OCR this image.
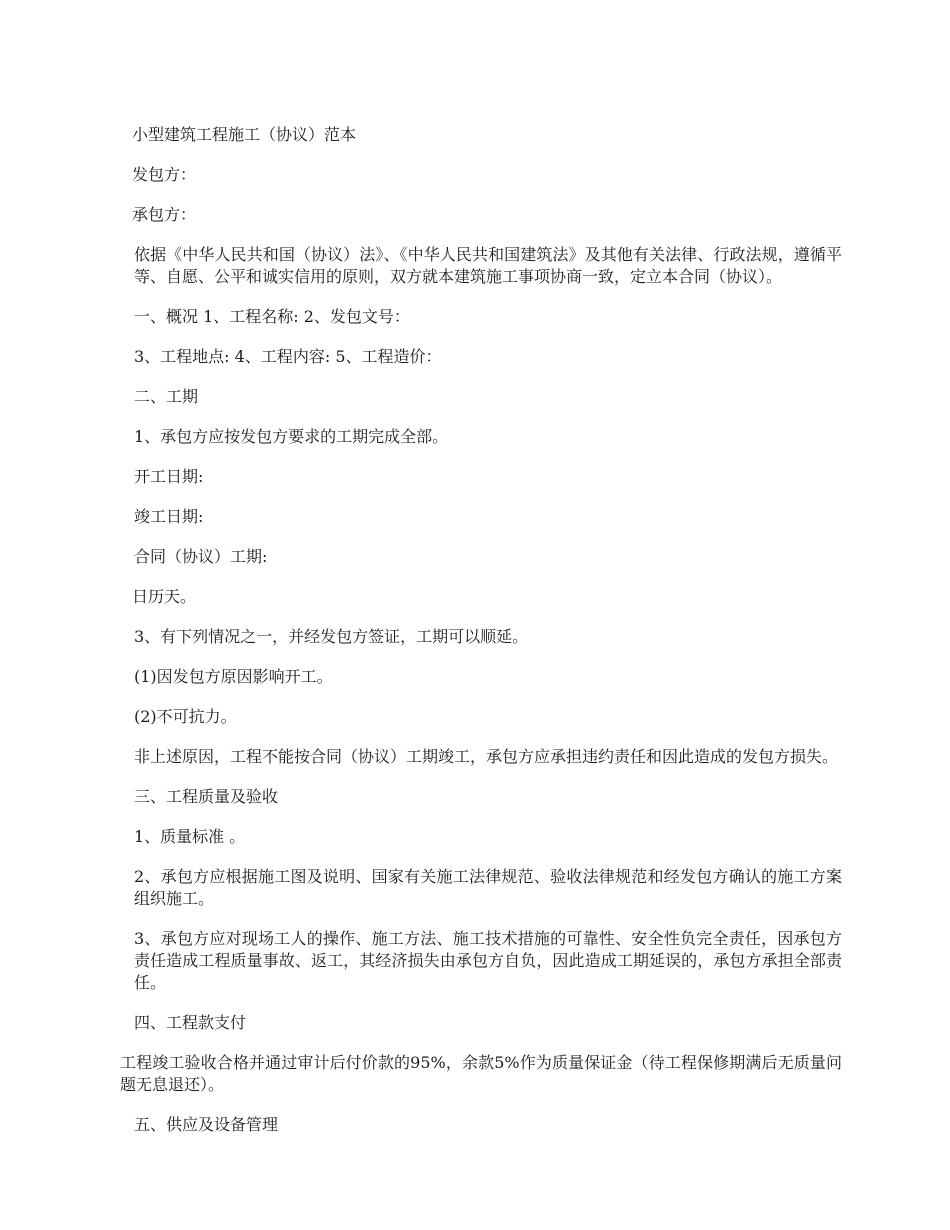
小型建筑工程施工（协议）范本

发包方：

承包方：

依据《中华人民共和国（协议）法》、《中华人民共和国建筑法》及其他有关法律、行政法规，遵循平等、自愿、公平和诚实信用的原则，双方就本建筑施工事项协商一致，定立本合同（协议）。

一、概况 1、工程名称: 2、发包文号：

3、工程地点: 4、工程内容: 5、工程造价：

二、工期

1、承包方应按发包方要求的工期完成全部。

开工日期:

竣工日期:

合同（协议）工期:

日历天。

3、有下列情况之一，并经发包方签证，工期可以顺延。

(1)因发包方原因影响开工。

(2)不可抗力。

非上述原因，工程不能按合同（协议）工期竣工，承包方应承担违约责任和因此造成的发包方损失。

三、工程质量及验收

1、质量标准 。

2、承包方应根据施工图及说明、国家有关施工法律规范、验收法律规范和经发包方确认的施工方案组织施工。

3、承包方应对现场工人的操作、施工方法、施工技术措施的可靠性、安全性负完全责任，因承包方责任造成工程质量事故、返工，其经济损失由承包方自负，因此造成工期延误的，承包方承担全部责任。

四、工程款支付

工程竣工验收合格并通过审计后付价款的95%，余款5%作为质量保证金（待工程保修期满后无质量问题无息退还）。

五、供应及设备管理
